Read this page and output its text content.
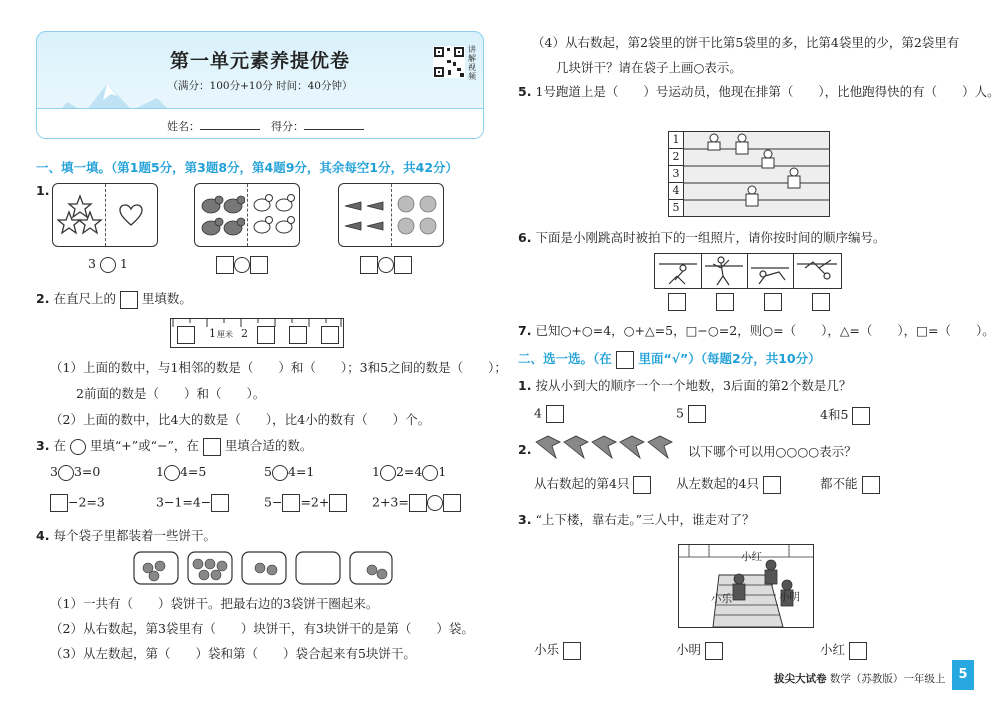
第一单元素养提优卷
（满分：100分+10分 时间：40分钟）
讲解视频
姓名：	得分：
一、填一填。（第1题5分，第3题8分，第4题9分，其余每空1分，共42分）
1.
3 1
2. 在直尺上的 里填数。
1 厘米 2
（1）上面的数中，与1相邻的数是（　　）和（　　）；3和5之间的数是（　　）；
2前面的数是（　　）和（　　）。
（2）上面的数中，比4大的数是（　　），比4小的数有（　　）个。
3. 在 里填“+”或“−”，在 里填合适的数。
3 3=0	1 4=5	5 4=1	1 2=4 1
−2=3	3−1=4−	5− =2+	2+3=
4. 每个袋子里都装着一些饼干。
（1）一共有（　　）袋饼干。把最右边的3袋饼干圈起来。
（2）从右数起，第3袋里有（　　）块饼干，有3块饼干的是第（　　）袋。
（3）从左数起，第（　　）袋和第（　　）袋合起来有5块饼干。
（4）从右数起，第2袋里的饼干比第5袋里的多，比第4袋里的少，第2袋里有
几块饼干？请在袋子上画○表示。
5. 1号跑道上是（　　）号运动员，他现在排第（　　），比他跑得快的有（　　）人。
1
2
3
4
5
6. 下面是小刚跳高时被拍下的一组照片，请你按时间的顺序编号。
7. 已知○+○=4，○+△=5，□−○=2，则○=（　　），△=（　　），□=（　　）。
二、选一选。（在 里面“√”）（每题2分，共10分）
1. 按从小到大的顺序一个一个地数，3后面的第2个数是几？
4	5	4和5
2.	以下哪个可以用○○○○表示？
从右数起的第4只	从左数起的4只	都不能
3. “上下楼，靠右走。”三人中，谁走对了？
小红
小乐	小明
小乐	小明	小红
拔尖大试卷 数学（苏教版）一年级上	5
